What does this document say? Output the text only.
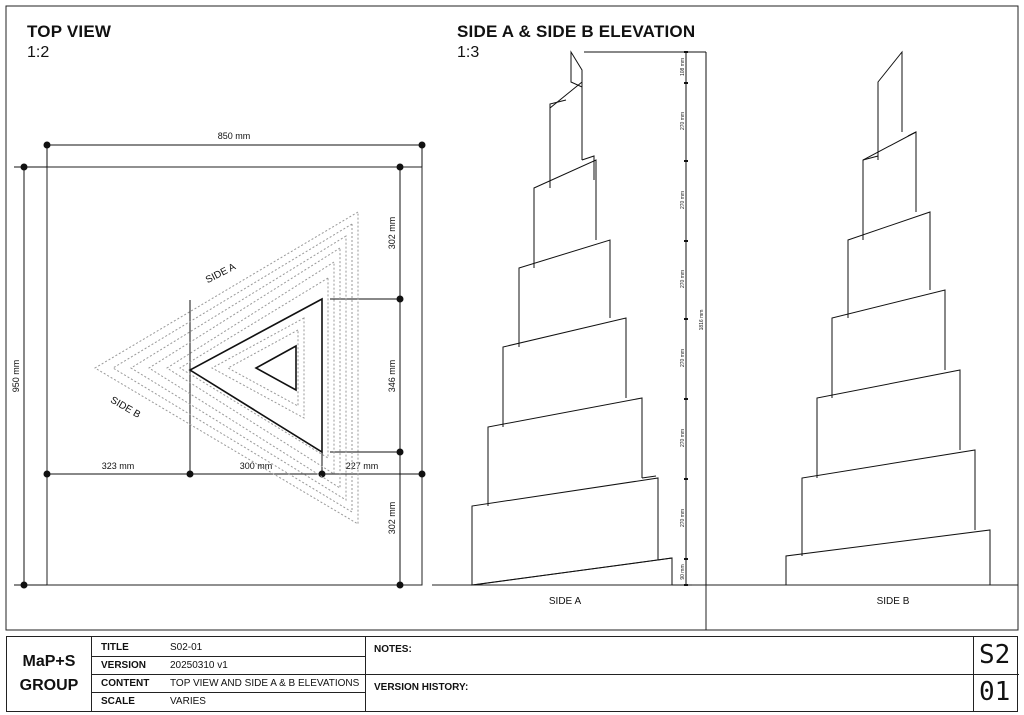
TOP VIEW
1:2
SIDE A & SIDE B ELEVATION
1:3
850 mm
950 mm
302 mm
346 mm
302 mm
323 mm	300 mm	227 mm
SIDE A
SIDE B
108 mm
270 mm
270 mm
270 mm
270 mm
270 mm
270 mm
90 mm
1816 mm
SIDE A	SIDE B
MaP+S
GROUP
TITLE	S02-01
VERSION 20250310 v1
CONTENT TOP VIEW AND SIDE A & B ELEVATIONS
SCALE	VARIES
NOTES:
VERSION HISTORY:
S2
01
